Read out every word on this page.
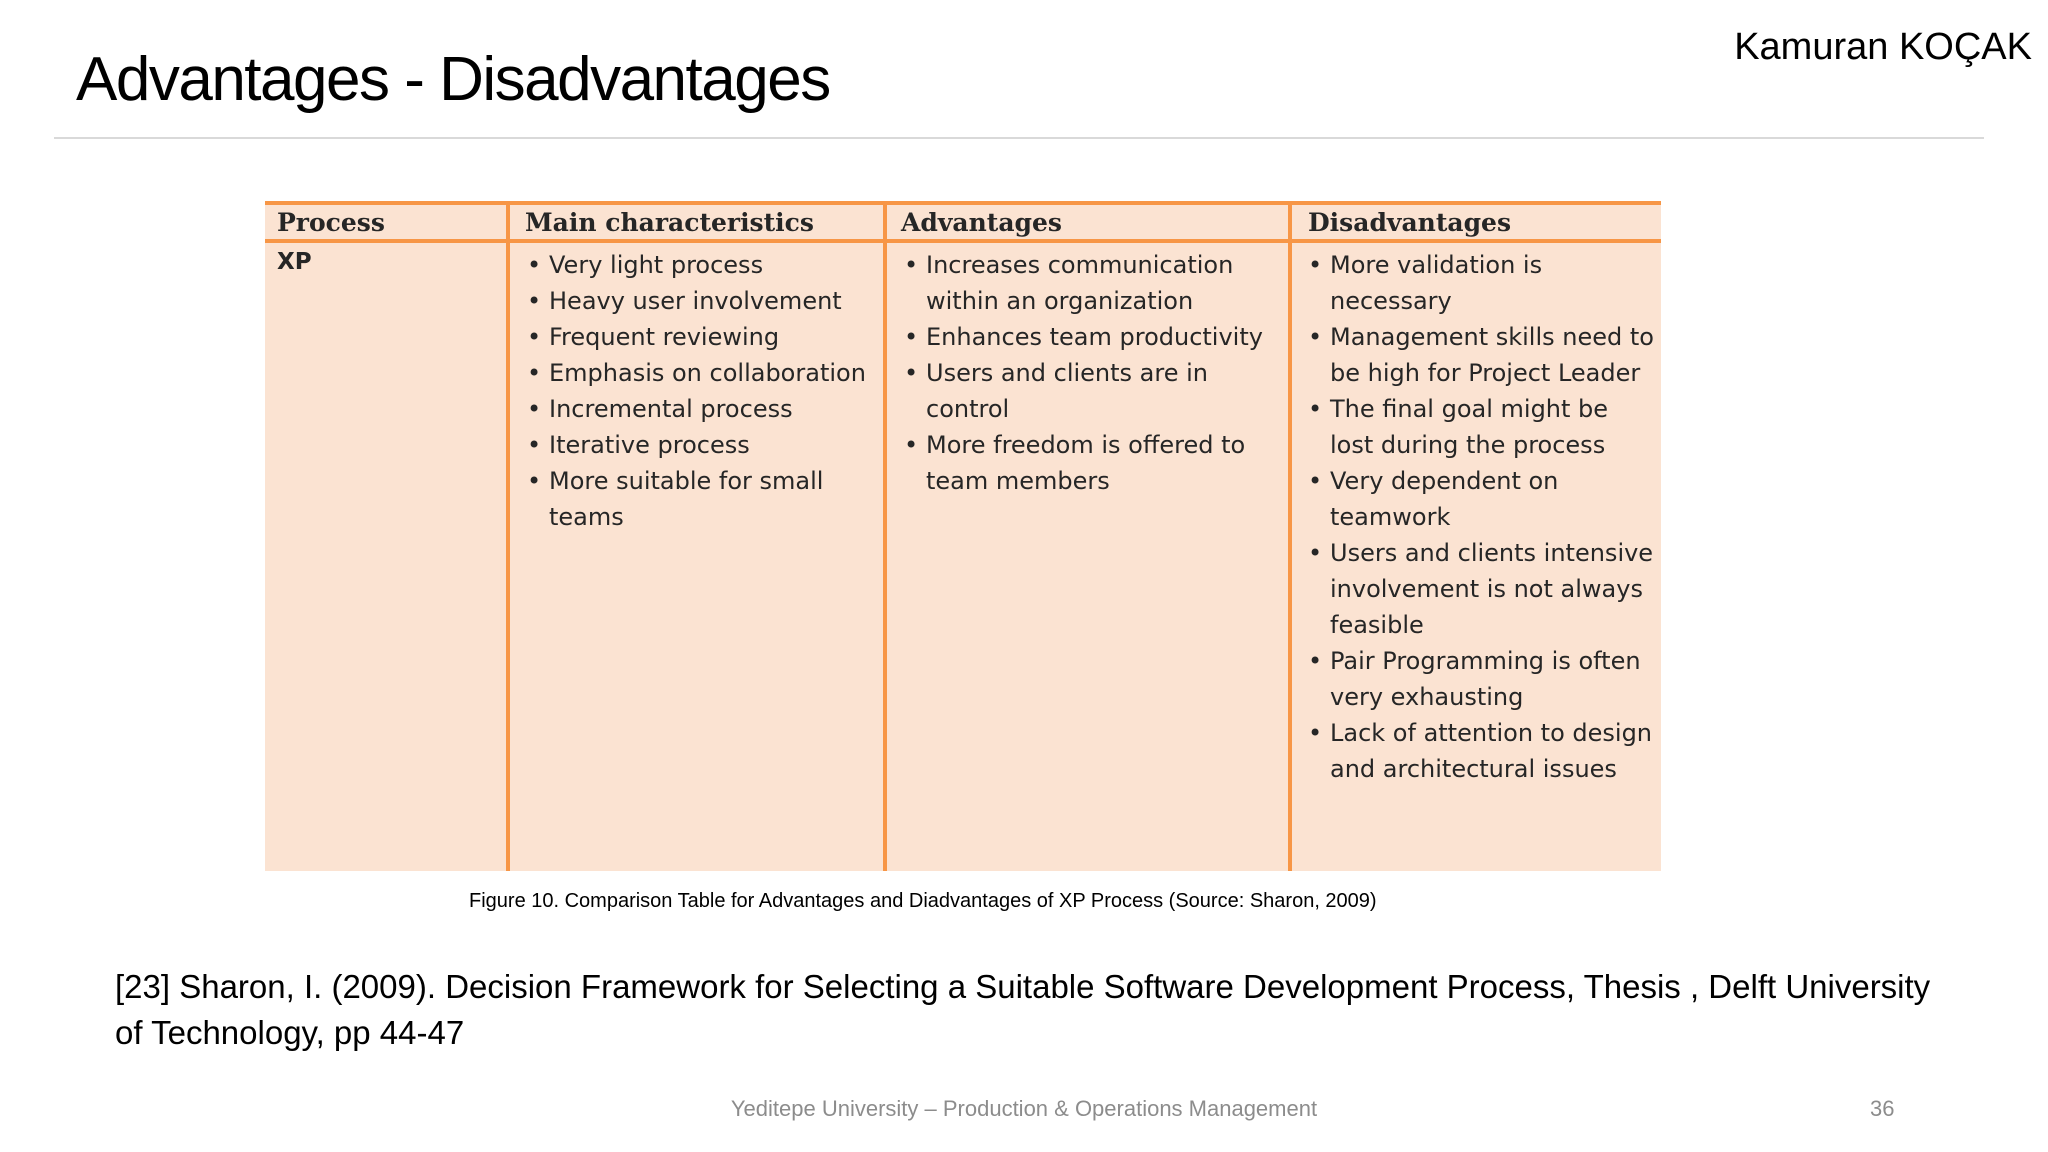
Advantages - Disadvantages	Kamuran KOÇAK
Process	Main characteristics	Advantages	Disadvantages
XP
•	Very light process
• Heavy user involvement
• Frequent reviewing
• Emphasis on collaboration
• Incremental process
• Iterative process
• More suitable for small teams
• Increases communication within an organization
• Enhances team productivity
• Users and clients are in control
• More freedom is offered to team members
• More validation is necessary
• Management skills need to be high for Project Leader
• The final goal might be lost during the process
• Very dependent on teamwork
• Users and clients intensive involvement is not always feasible
• Pair Programming is often very exhausting
• Lack of attention to design and architectural issues
Figure 10. Comparison Table for Advantages and Diadvantages of XP Process (Source: Sharon, 2009)
[23] Sharon, I. (2009). Decision Framework for Selecting a Suitable Software Development Process, Thesis , Delft University of Technology, pp 44-47
Yeditepe University – Production & Operations Management	36
